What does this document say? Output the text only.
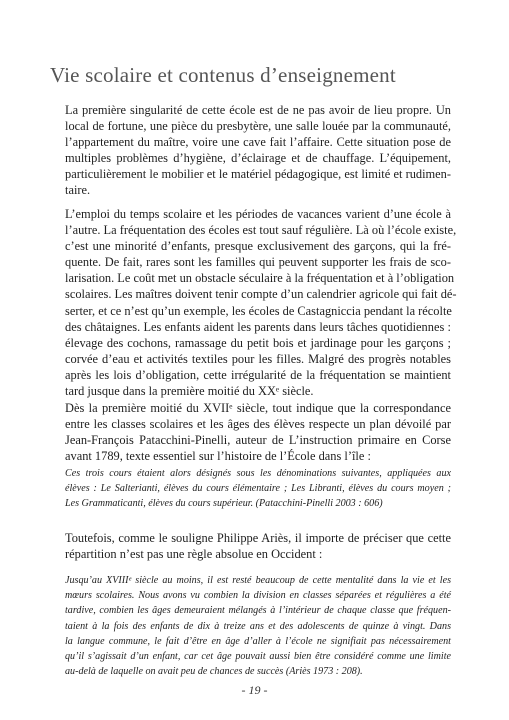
Vie scolaire et contenus d’enseignement
La première singularité de cette école est de ne pas avoir de lieu propre. Un
local de fortune, une pièce du presbytère, une salle louée par la communauté,
l’appartement du maître, voire une cave fait l’affaire. Cette situation pose de
multiples problèmes d’hygiène, d’éclairage et de chauffage. L’équipement,
particulièrement le mobilier et le matériel pédagogique, est limité et rudimen-
taire.
L’emploi du temps scolaire et les périodes de vacances varient d’une école à
l’autre. La fréquentation des écoles est tout sauf régulière. Là où l’école existe,
c’est une minorité d’enfants, presque exclusivement des garçons, qui la fré-
quente. De fait, rares sont les familles qui peuvent supporter les frais de sco-
larisation. Le coût met un obstacle séculaire à la fréquentation et à l’obligation
scolaires. Les maîtres doivent tenir compte d’un calendrier agricole qui fait dé-
serter, et ce n’est qu’un exemple, les écoles de Castagniccia pendant la récolte
des châtaignes. Les enfants aident les parents dans leurs tâches quotidiennes :
élevage des cochons, ramassage du petit bois et jardinage pour les garçons ;
corvée d’eau et activités textiles pour les filles. Malgré des progrès notables
après les lois d’obligation, cette irrégularité de la fréquentation se maintient
tard jusque dans la première moitié du XXᵉ siècle.
Dès la première moitié du XVIIᵉ siècle, tout indique que la correspondance
entre les classes scolaires et les âges des élèves respecte un plan dévoilé par
Jean-François Patacchini-Pinelli, auteur de L’instruction primaire en Corse
avant 1789, texte essentiel sur l’histoire de l’École dans l’île :
Ces trois cours étaient alors désignés sous les dénominations suivantes, appliquées aux
élèves : Le Salterianti, élèves du cours élémentaire ; Les Libranti, élèves du cours moyen ;
Les Grammaticanti, élèves du cours supérieur. (Patacchini-Pinelli 2003 : 606)
Toutefois, comme le souligne Philippe Ariès, il importe de préciser que cette
répartition n’est pas une règle absolue en Occident :
Jusqu’au XVIIIᵉ siècle au moins, il est resté beaucoup de cette mentalité dans la vie et les
mœurs scolaires. Nous avons vu combien la division en classes séparées et régulières a été
tardive, combien les âges demeuraient mélangés à l’intérieur de chaque classe que fréquen-
taient à la fois des enfants de dix à treize ans et des adolescents de quinze à vingt. Dans
la langue commune, le fait d’être en âge d’aller à l’école ne signifiait pas nécessairement
qu’il s’agissait d’un enfant, car cet âge pouvait aussi bien être considéré comme une limite
au-delà de laquelle on avait peu de chances de succès (Ariès 1973 : 208).
- 19 -
